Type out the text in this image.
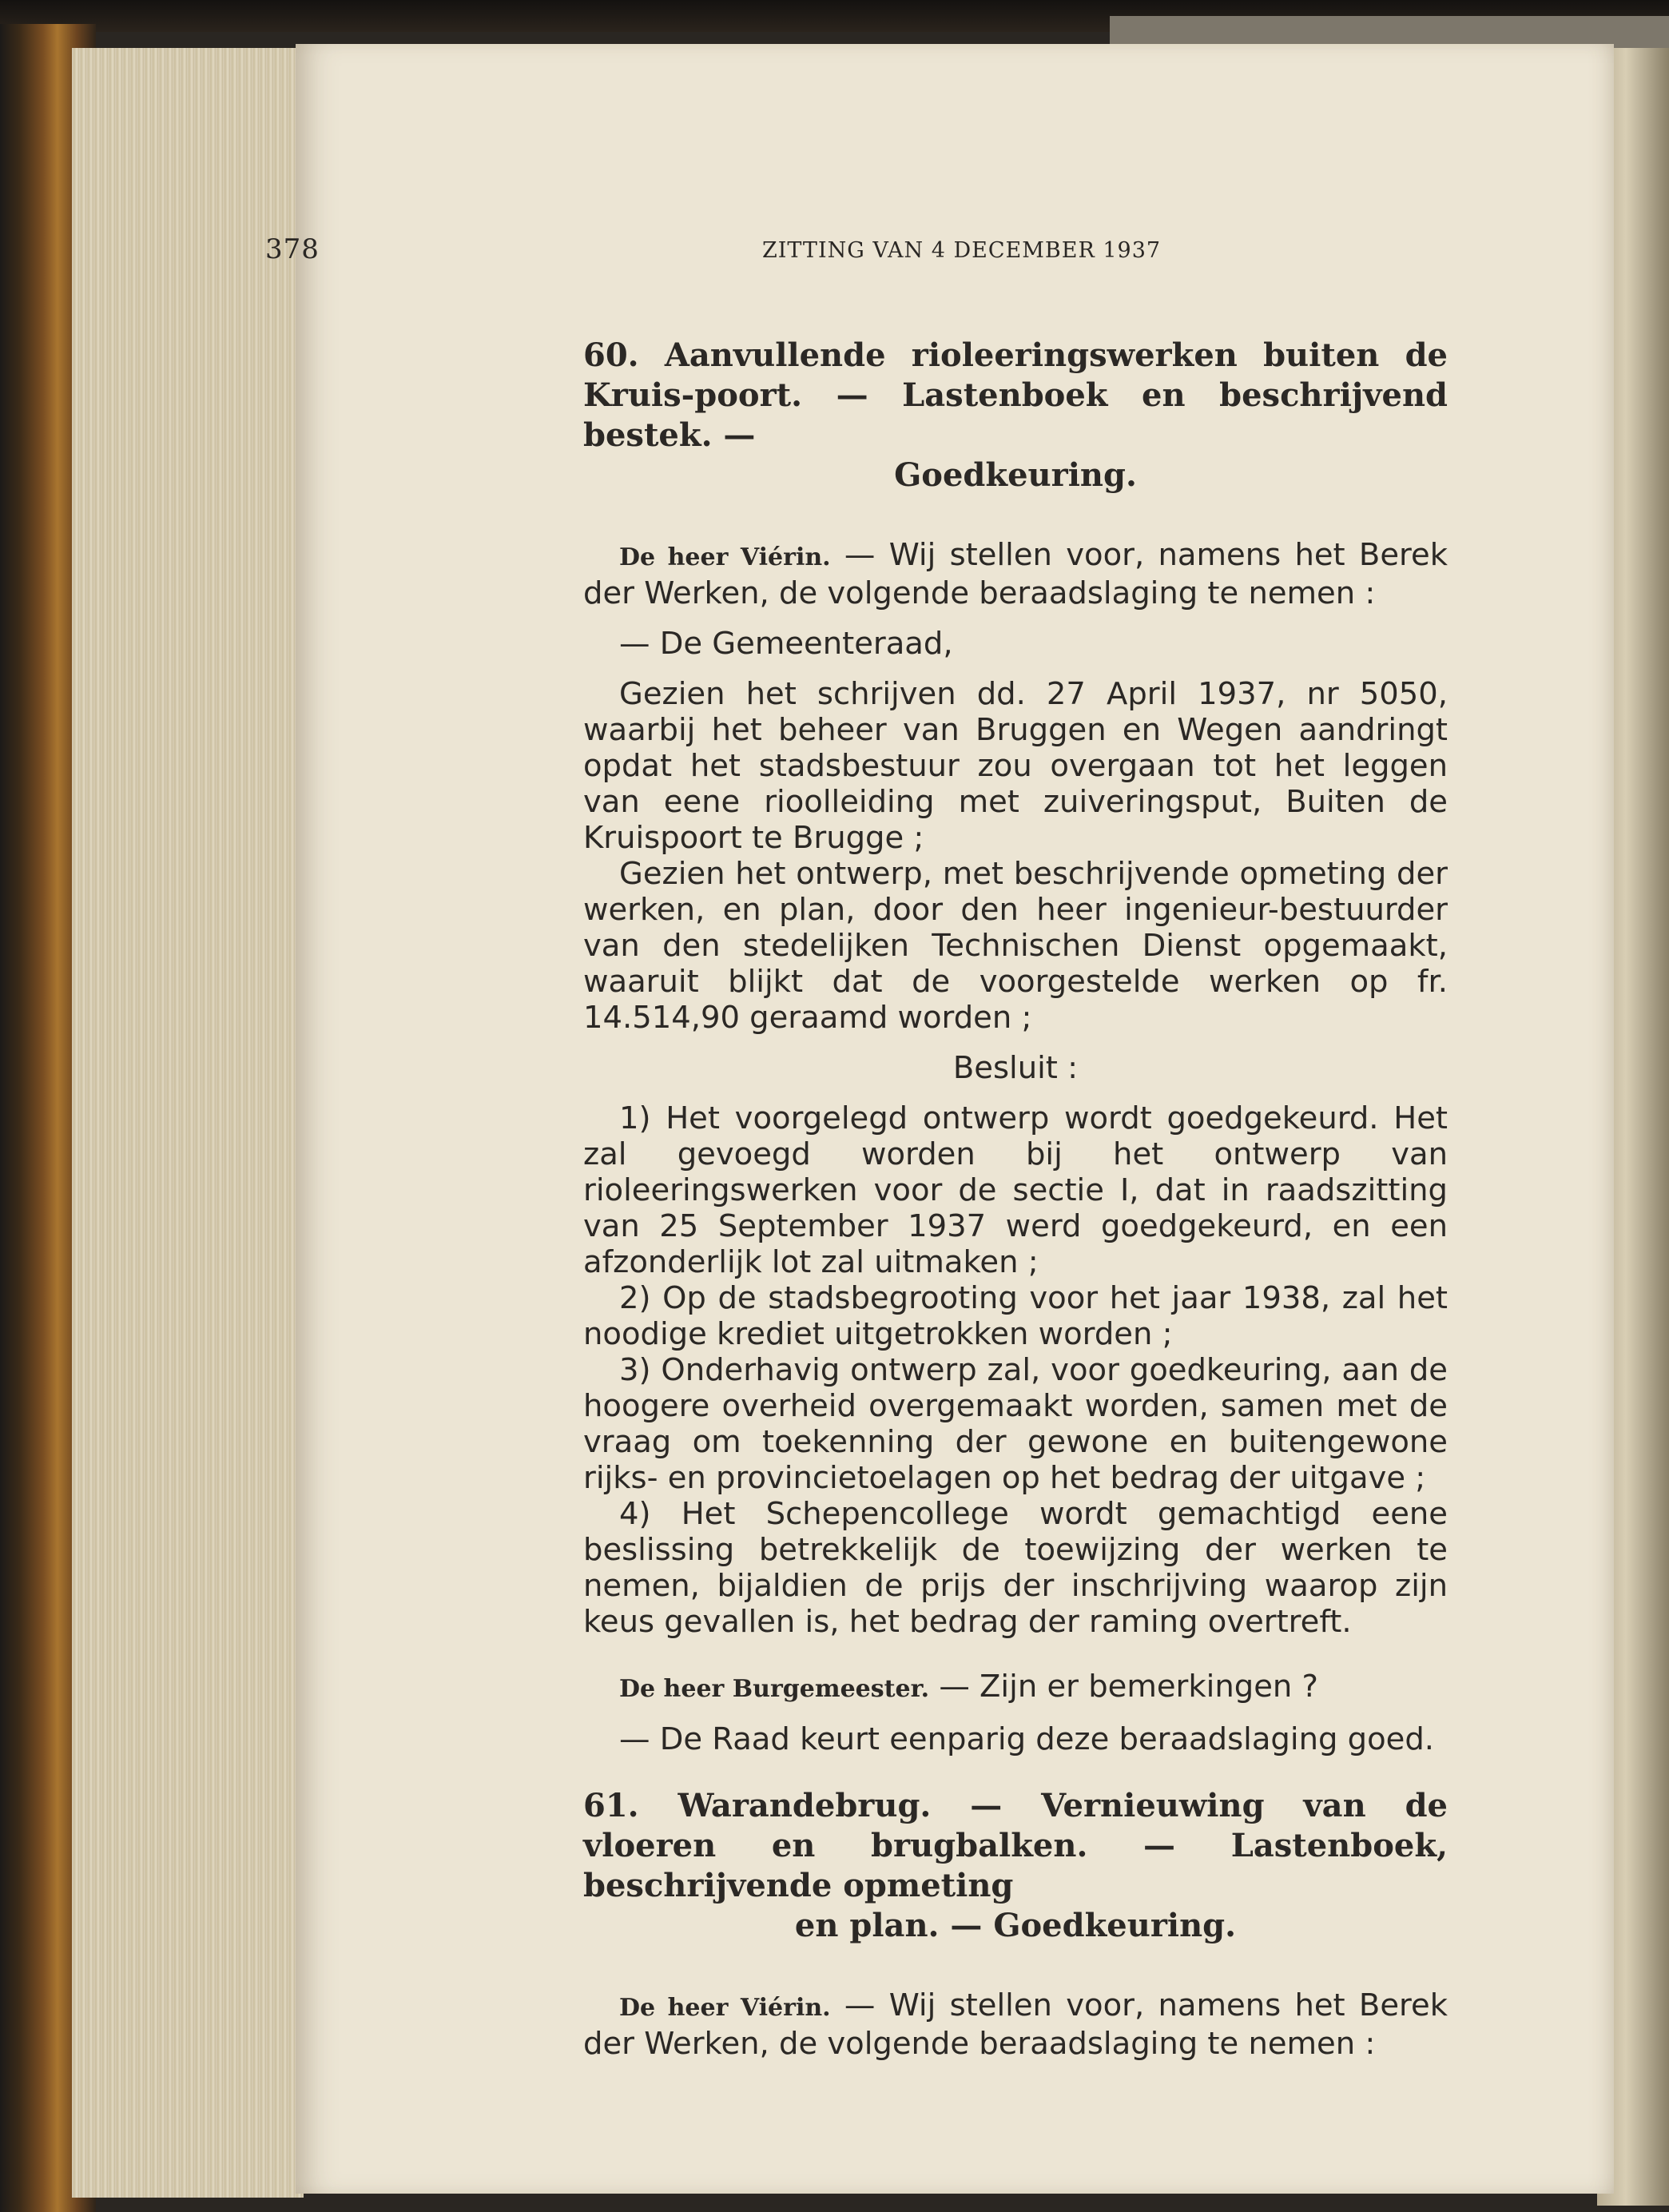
378	ZITTING VAN 4 DECEMBER 1937

60. Aanvullende rioleeringswerken buiten de Kruis-poort. — Lastenboek en beschrijvend bestek. —
Goedkeuring.

De heer Viérin. — Wij stellen voor, namens het Berek der Werken, de volgende beraadslaging te nemen :

— De Gemeenteraad,

Gezien het schrijven dd. 27 April 1937, nr 5050, waarbij het beheer van Bruggen en Wegen aandringt opdat het stadsbestuur zou overgaan tot het leggen van eene rioolleiding met zuiveringsput, Buiten de Kruispoort te Brugge ;

Gezien het ontwerp, met beschrijvende opmeting der werken, en plan, door den heer ingenieur-bestuurder van den stedelijken Technischen Dienst opgemaakt, waaruit blijkt dat de voorgestelde werken op fr. 14.514,90 geraamd worden ;

Besluit :

1) Het voorgelegd ontwerp wordt goedgekeurd. Het zal gevoegd worden bij het ontwerp van rioleeringswerken voor de sectie I, dat in raadszitting van 25 September 1937 werd goedgekeurd, en een afzonderlijk lot zal uitmaken ;

2) Op de stadsbegrooting voor het jaar 1938, zal het noodige krediet uitgetrokken worden ;

3) Onderhavig ontwerp zal, voor goedkeuring, aan de hoogere overheid overgemaakt worden, samen met de vraag om toekenning der gewone en buitengewone rijks- en provincietoelagen op het bedrag der uitgave ;

4) Het Schepencollege wordt gemachtigd eene beslissing betrekkelijk de toewijzing der werken te nemen, bijaldien de prijs der inschrijving waarop zijn keus gevallen is, het bedrag der raming overtreft.

De heer Burgemeester. — Zijn er bemerkingen ?

— De Raad keurt eenparig deze beraadslaging goed.

61. Warandebrug. — Vernieuwing van de vloeren en brugbalken. — Lastenboek, beschrijvende opmeting
en plan. — Goedkeuring.

De heer Viérin. — Wij stellen voor, namens het Berek der Werken, de volgende beraadslaging te nemen :
